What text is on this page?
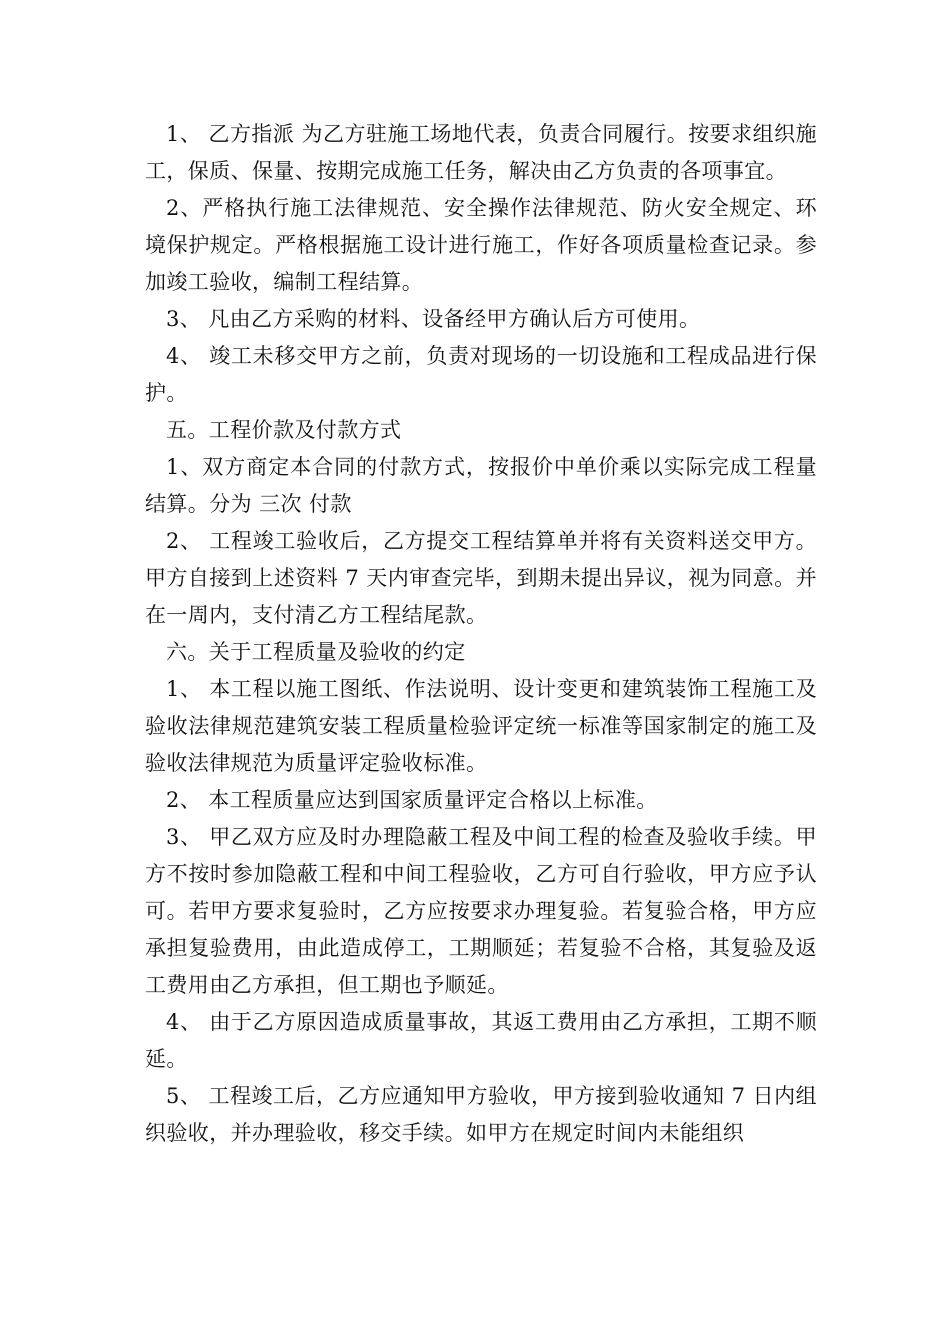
1、 乙方指派 为乙方驻施工场地代表，负责合同履行。按要求组织施工，保质、保量、按期完成施工任务，解决由乙方负责的各项事宜。

2、严格执行施工法律规范、安全操作法律规范、防火安全规定、环境保护规定。严格根据施工设计进行施工，作好各项质量检查记录。参加竣工验收，编制工程结算。

3、 凡由乙方采购的材料、设备经甲方确认后方可使用。

4、 竣工未移交甲方之前，负责对现场的一切设施和工程成品进行保护。

五。工程价款及付款方式

1、双方商定本合同的付款方式，按报价中单价乘以实际完成工程量结算。分为 三次 付款

2、 工程竣工验收后，乙方提交工程结算单并将有关资料送交甲方。甲方自接到上述资料 7 天内审查完毕，到期未提出异议，视为同意。并在一周内，支付清乙方工程结尾款。

六。关于工程质量及验收的约定

1、 本工程以施工图纸、作法说明、设计变更和建筑装饰工程施工及验收法律规范建筑安装工程质量检验评定统一标准等国家制定的施工及验收法律规范为质量评定验收标准。

2、 本工程质量应达到国家质量评定合格以上标准。

3、 甲乙双方应及时办理隐蔽工程及中间工程的检查及验收手续。甲方不按时参加隐蔽工程和中间工程验收，乙方可自行验收，甲方应予认可。若甲方要求复验时，乙方应按要求办理复验。若复验合格，甲方应承担复验费用，由此造成停工，工期顺延；若复验不合格，其复验及返工费用由乙方承担，但工期也予顺延。

4、 由于乙方原因造成质量事故，其返工费用由乙方承担，工期不顺延。

5、 工程竣工后，乙方应通知甲方验收，甲方接到验收通知 7 日内组织验收，并办理验收，移交手续。如甲方在规定时间内未能组织
